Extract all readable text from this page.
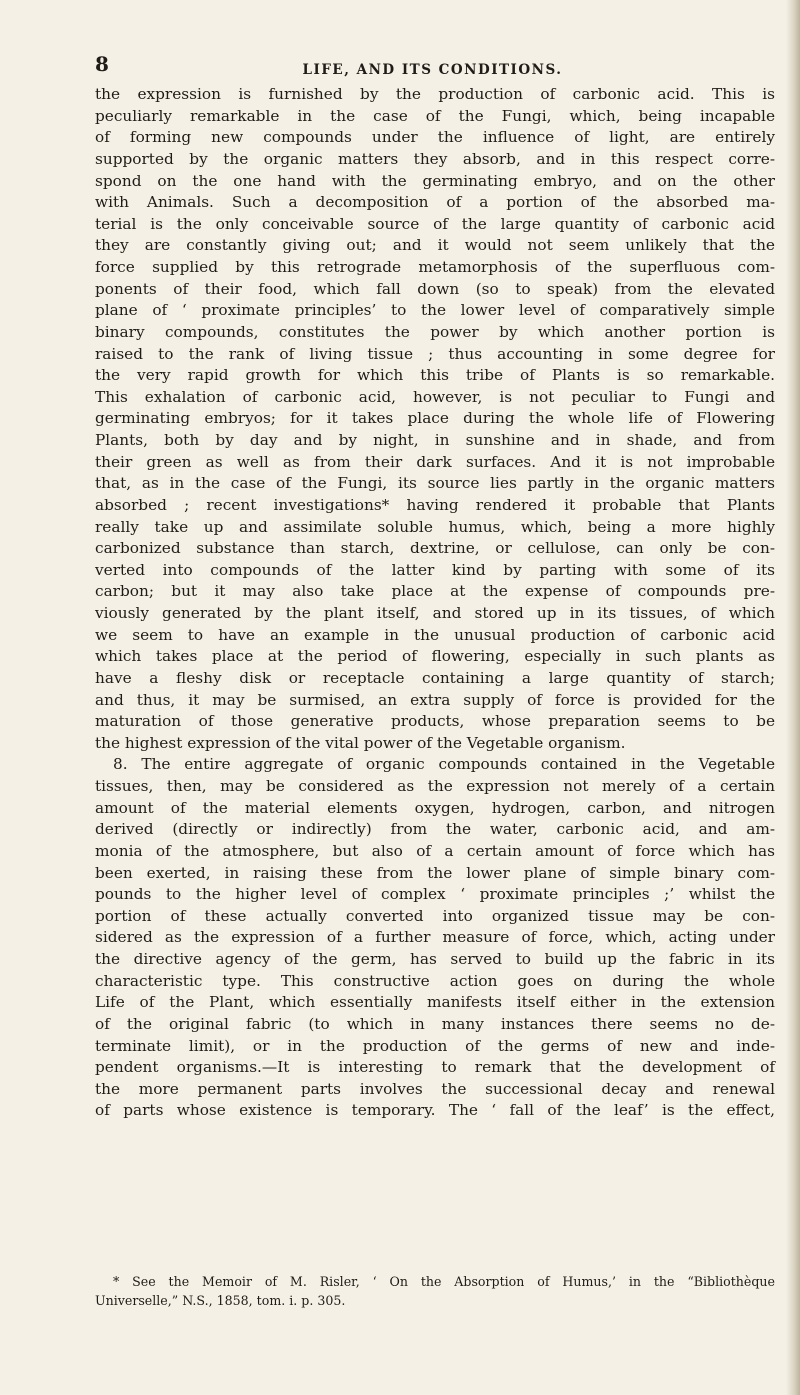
8	LIFE, AND ITS CONDITIONS.
the expression is furnished by the production of carbonic acid. This is
peculiarly remarkable in the case of the Fungi, which, being incapable
of forming new compounds under the influence of light, are entirely
supported by the organic matters they absorb, and in this respect corre-
spond on the one hand with the germinating embryo, and on the other
with Animals. Such a decomposition of a portion of the absorbed ma-
terial is the only conceivable source of the large quantity of carbonic acid
they are constantly giving out; and it would not seem unlikely that the
force supplied by this retrograde metamorphosis of the superfluous com-
ponents of their food, which fall down (so to speak) from the elevated
plane of ‘ proximate principles’ to the lower level of comparatively simple
binary compounds, constitutes the power by which another portion is
raised to the rank of living tissue ; thus accounting in some degree for
the very rapid growth for which this tribe of Plants is so remarkable.
This exhalation of carbonic acid, however, is not peculiar to Fungi and
germinating embryos; for it takes place during the whole life of Flowering
Plants, both by day and by night, in sunshine and in shade, and from
their green as well as from their dark surfaces. And it is not improbable
that, as in the case of the Fungi, its source lies partly in the organic matters
absorbed ; recent investigations* having rendered it probable that Plants
really take up and assimilate soluble humus, which, being a more highly
carbonized substance than starch, dextrine, or cellulose, can only be con-
verted into compounds of the latter kind by parting with some of its
carbon; but it may also take place at the expense of compounds pre-
viously generated by the plant itself, and stored up in its tissues, of which
we seem to have an example in the unusual production of carbonic acid
which takes place at the period of flowering, especially in such plants as
have a fleshy disk or receptacle containing a large quantity of starch;
and thus, it may be surmised, an extra supply of force is provided for the
maturation of those generative products, whose preparation seems to be
the highest expression of the vital power of the Vegetable organism.
8. The entire aggregate of organic compounds contained in the Vegetable
tissues, then, may be considered as the expression not merely of a certain
amount of the material elements oxygen, hydrogen, carbon, and nitrogen
derived (directly or indirectly) from the water, carbonic acid, and am-
monia of the atmosphere, but also of a certain amount of force which has
been exerted, in raising these from the lower plane of simple binary com-
pounds to the higher level of complex ‘ proximate principles ;’ whilst the
portion of these actually converted into organized tissue may be con-
sidered as the expression of a further measure of force, which, acting under
the directive agency of the germ, has served to build up the fabric in its
characteristic type. This constructive action goes on during the whole
Life of the Plant, which essentially manifests itself either in the extension
of the original fabric (to which in many instances there seems no de-
terminate limit), or in the production of the germs of new and inde-
pendent organisms.—It is interesting to remark that the development of
the more permanent parts involves the successional decay and renewal
of parts whose existence is temporary. The ‘ fall of the leaf’ is the effect,
* See the Memoir of M. Risler, ‘ On the Absorption of Humus,’ in the “Bibliothèque
Universelle,” N.S., 1858, tom. i. p. 305.
